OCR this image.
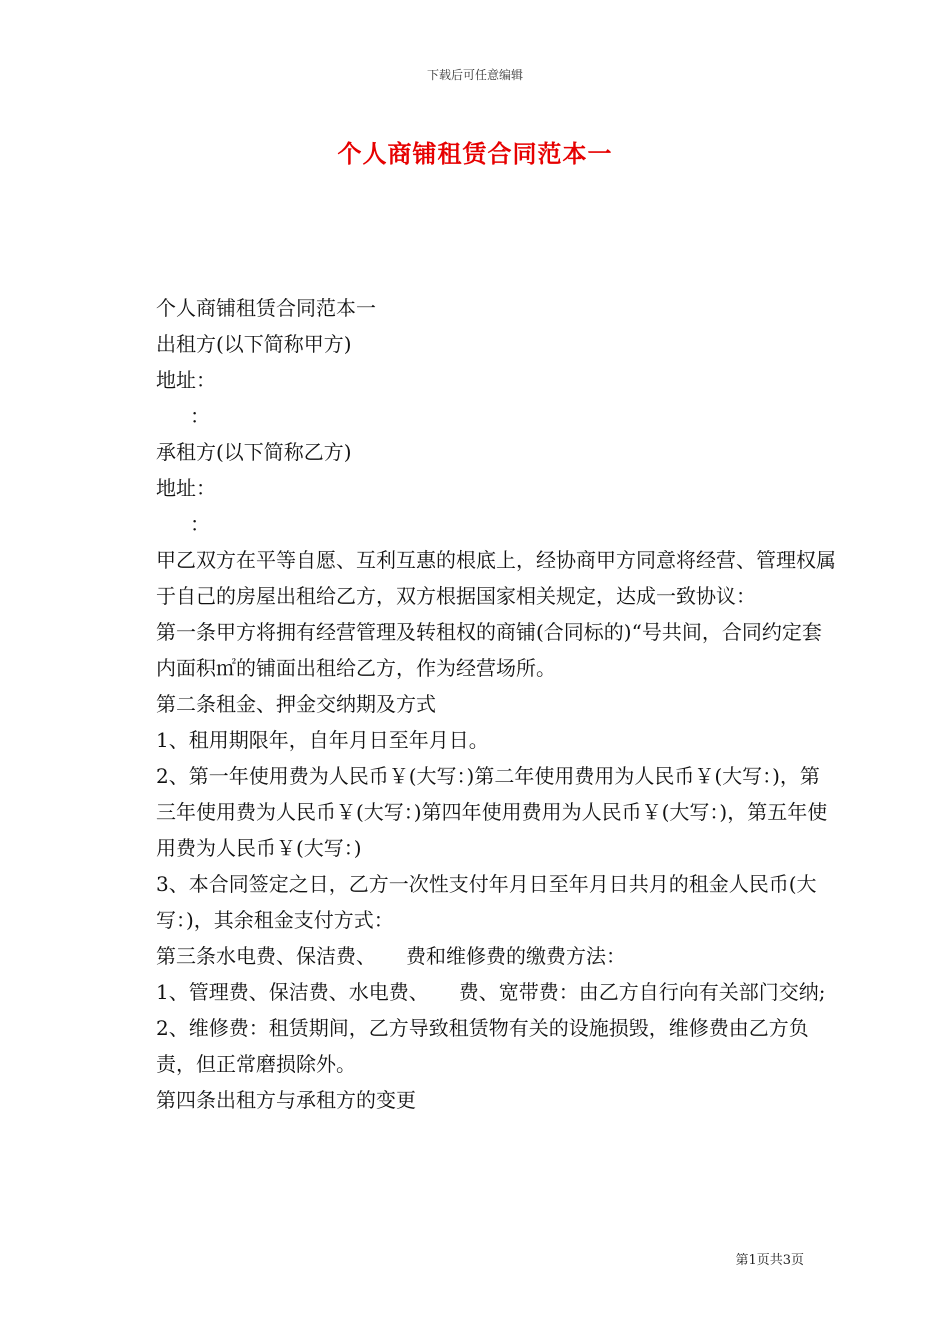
下载后可任意编辑
个人商铺租赁合同范本一

个人商铺租赁合同范本一

出租方(以下简称甲方)

地址：

：

承租方(以下简称乙方)

地址：

：

甲乙双方在平等自愿、互利互惠的根底上，经协商甲方同意将经营、管理权属于自己的房屋出租给乙方，双方根据国家相关规定，达成一致协议：

第一条甲方将拥有经营管理及转租权的商铺(合同标的)“号共间，合同约定套内面积㎡的铺面出租给乙方，作为经营场所。

第二条租金、押金交纳期及方式

1、租用期限年，自年月日至年月日。

2、第一年使用费为人民币￥(大写：)第二年使用费用为人民币￥(大写：)，第三年使用费为人民币￥(大写：)第四年使用费用为人民币￥(大写：)，第五年使用费为人民币￥(大写：)

3、本合同签定之日，乙方一次性支付年月日至年月日共月的租金人民币(大写：)，其余租金支付方式：

第三条水电费、保洁费、　　费和维修费的缴费方法：

1、管理费、保洁费、水电费、　　费、宽带费：由乙方自行向有关部门交纳;

2、维修费：租赁期间，乙方导致租赁物有关的设施损毁，维修费由乙方负责，但正常磨损除外。

第四条出租方与承租方的变更

第1页共3页
